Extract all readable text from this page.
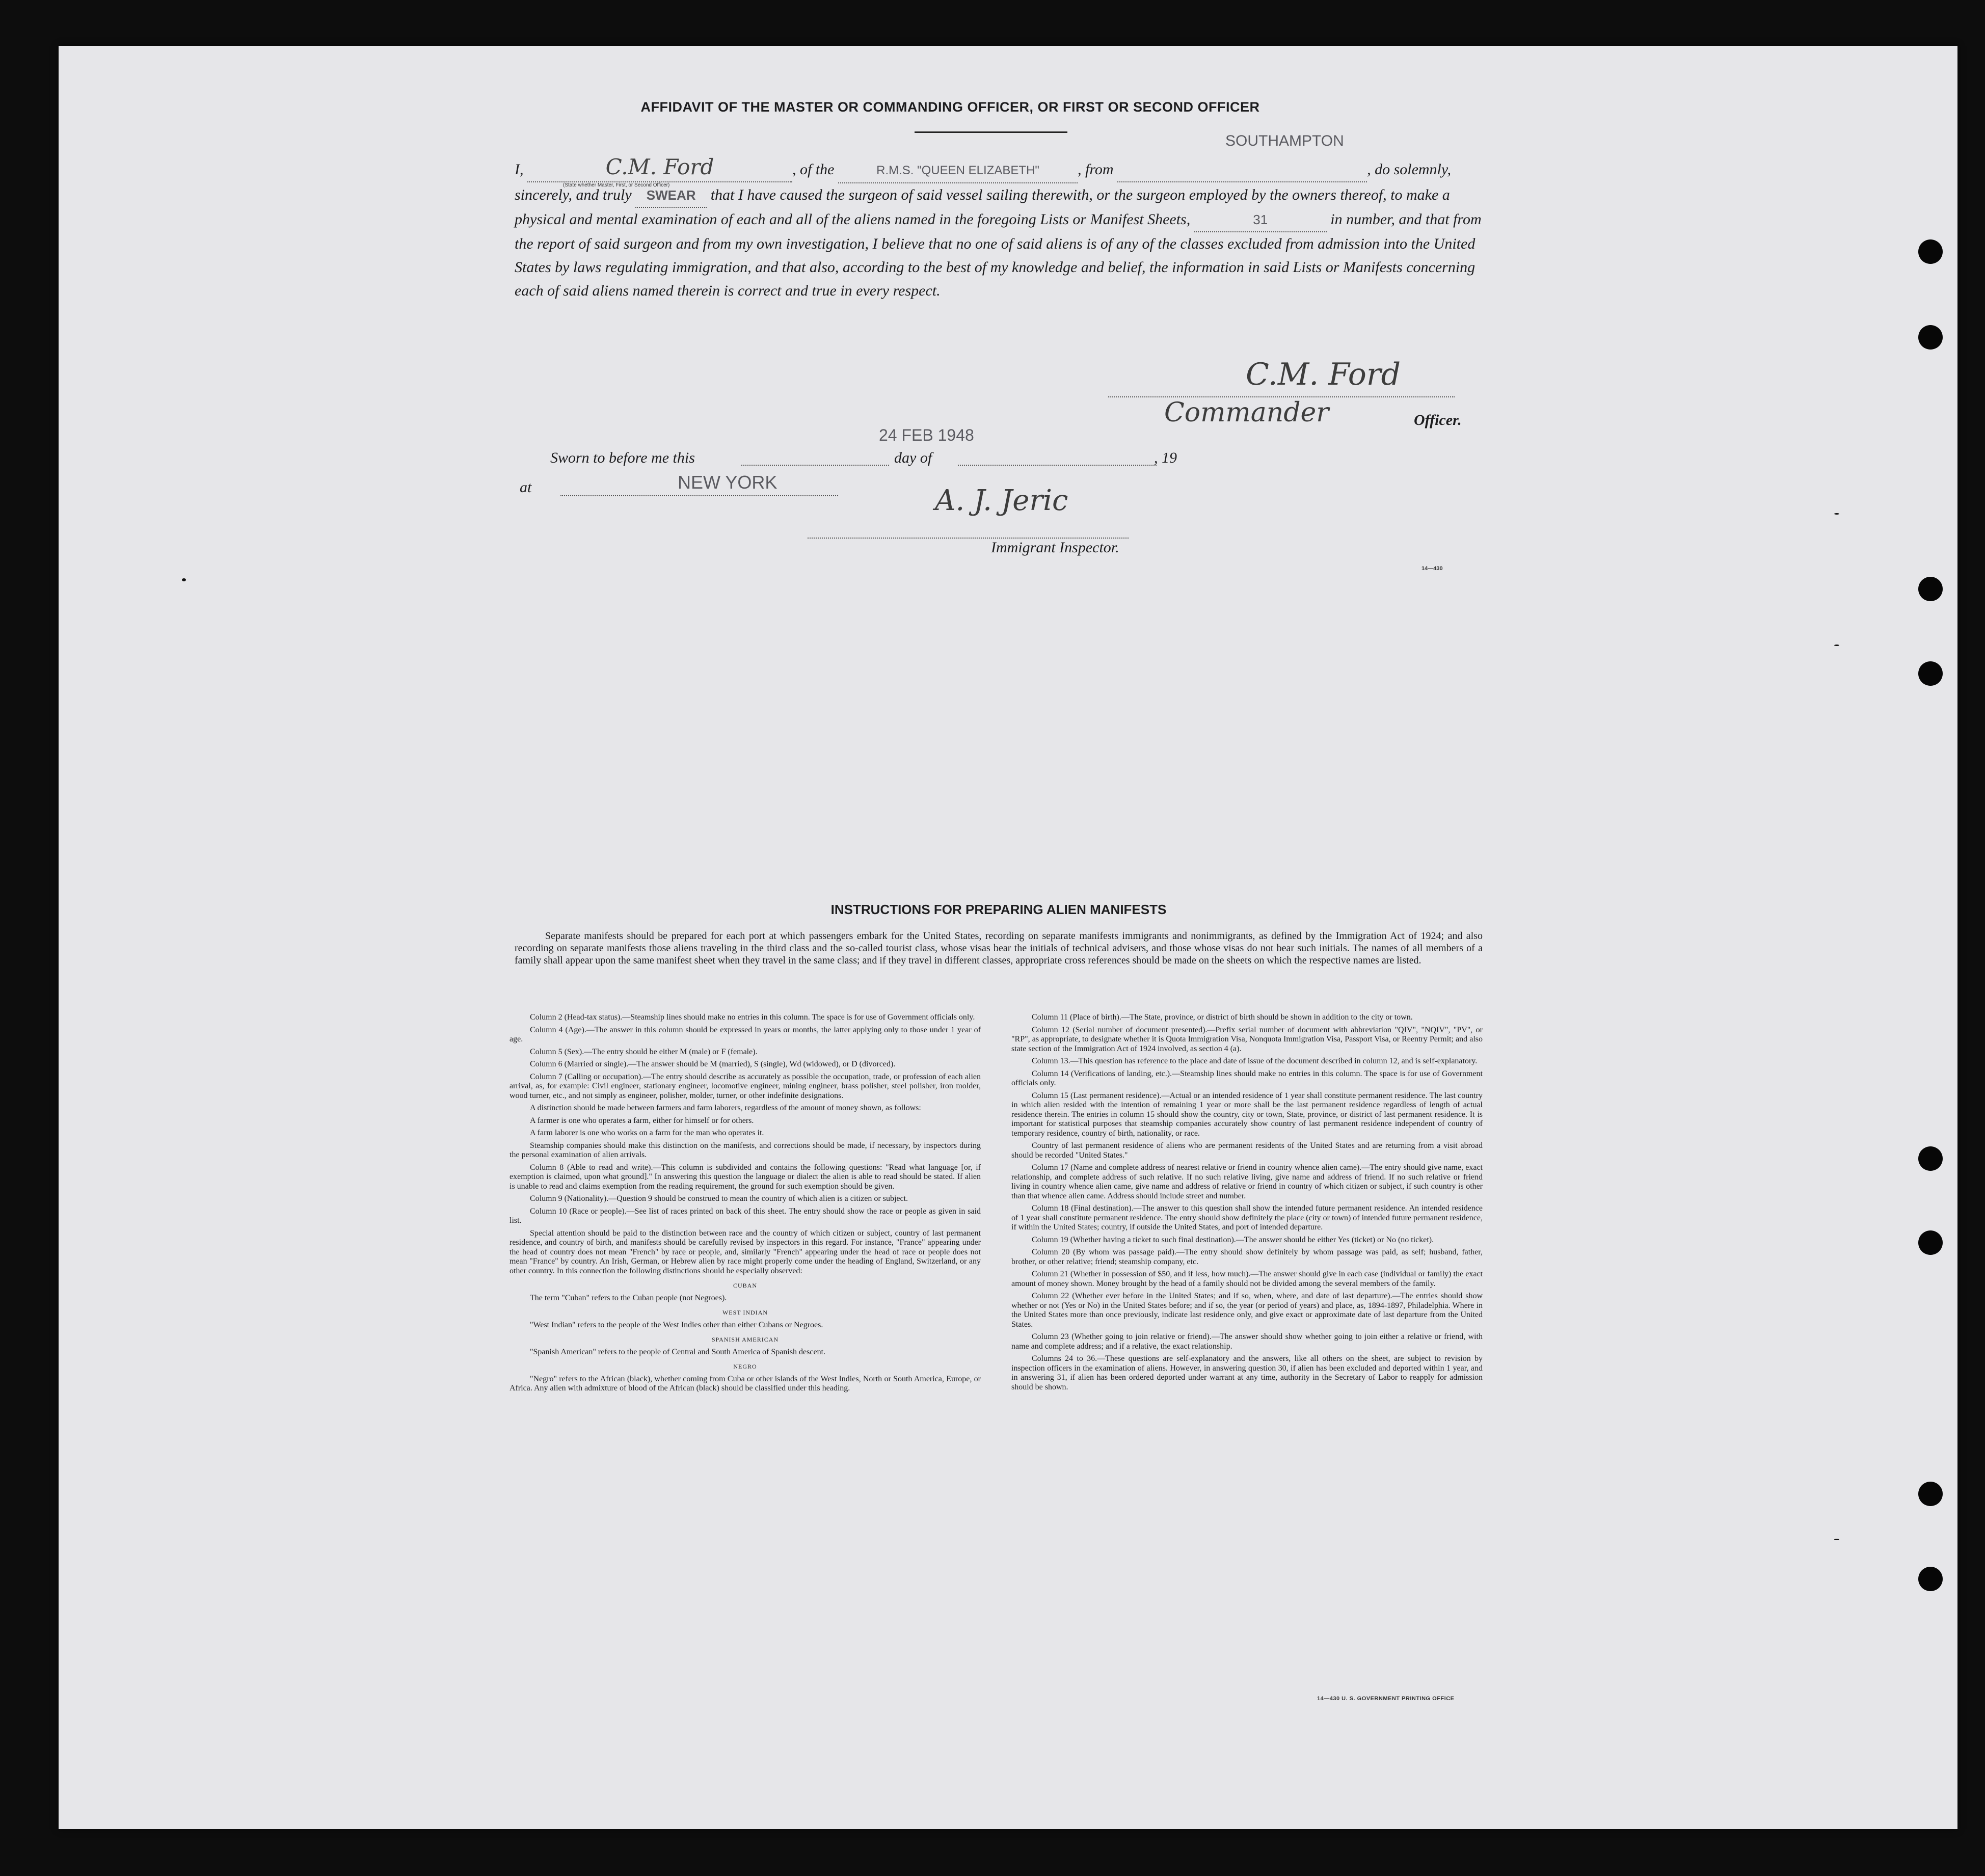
AFFIDAVIT OF THE MASTER OR COMMANDING OFFICER, OR FIRST OR SECOND OFFICER
SOUTHAMPTON

I,	C.M. Ford
(State whether Master, First, or Second Officer)
, of the	R.M.S. "QUEEN ELIZABETH"	, from	, do solemnly, sincerely, and truly SWEAR that I have caused the surgeon of said vessel sailing therewith, or the surgeon employed by the owners thereof, to make a physical and mental examination of each and all of the aliens named in the foregoing Lists or Manifest Sheets,	31	in number, and that from the report of said surgeon and from my own investigation, I believe that no one of said aliens is of any of the classes excluded from admission into the United States by laws regulating immigration, and that also, according to the best of my knowledge and belief, the information in said Lists or Manifests concerning each of said aliens named therein is correct and true in every respect.

C.M. Ford
Commander	Officer.
24 FEB 1948
Sworn to before me this	day of	, 19
at	NEW YORK
A. J. Jeric
Immigrant Inspector.
14—430
INSTRUCTIONS FOR PREPARING ALIEN MANIFESTS

Separate manifests should be prepared for each port at which passengers embark for the United States, recording on separate manifests immigrants and nonimmigrants, as defined by the Immigration Act of 1924; and also recording on separate manifests those aliens traveling in the third class and the so-called tourist class, whose visas bear the initials of technical advisers, and those whose visas do not bear such initials. The names of all members of a family shall appear upon the same manifest sheet when they travel in the same class; and if they travel in different classes, appropriate cross references should be made on the sheets on which the respective names are listed.

Column 2 (Head-tax status).—Steamship lines should make no entries in this column. The space is for use of Government officials only.

Column 4 (Age).—The answer in this column should be expressed in years or months, the latter applying only to those under 1 year of age.

Column 5 (Sex).—The entry should be either M (male) or F (female).

Column 6 (Married or single).—The answer should be M (married), S (single), Wd (widowed), or D (divorced).

Column 7 (Calling or occupation).—The entry should describe as accurately as possible the occupation, trade, or profession of each alien arrival, as, for example: Civil engineer, stationary engineer, locomotive engineer, mining engineer, brass polisher, steel polisher, iron molder, wood turner, etc., and not simply as engineer, polisher, molder, turner, or other indefinite designations.

A distinction should be made between farmers and farm laborers, regardless of the amount of money shown, as follows:

A farmer is one who operates a farm, either for himself or for others.

A farm laborer is one who works on a farm for the man who operates it.

Steamship companies should make this distinction on the manifests, and corrections should be made, if necessary, by inspectors during the personal examination of alien arrivals.

Column 8 (Able to read and write).—This column is subdivided and contains the following questions: "Read what language [or, if exemption is claimed, upon what ground]." In answering this question the language or dialect the alien is able to read should be stated. If alien is unable to read and claims exemption from the reading requirement, the ground for such exemption should be given.

Column 9 (Nationality).—Question 9 should be construed to mean the country of which alien is a citizen or subject.

Column 10 (Race or people).—See list of races printed on back of this sheet. The entry should show the race or people as given in said list.

Special attention should be paid to the distinction between race and the country of which citizen or subject, country of last permanent residence, and country of birth, and manifests should be carefully revised by inspectors in this regard. For instance, "France" appearing under the head of country does not mean "French" by race or people, and, similarly "French" appearing under the head of race or people does not mean "France" by country. An Irish, German, or Hebrew alien by race might properly come under the heading of England, Switzerland, or any other country. In this connection the following distinctions should be especially observed:

CUBAN

The term "Cuban" refers to the Cuban people (not Negroes).

WEST INDIAN

"West Indian" refers to the people of the West Indies other than either Cubans or Negroes.

SPANISH AMERICAN

"Spanish American" refers to the people of Central and South America of Spanish descent.

NEGRO

"Negro" refers to the African (black), whether coming from Cuba or other islands of the West Indies, North or South America, Europe, or Africa. Any alien with admixture of blood of the African (black) should be classified under this heading.

Column 11 (Place of birth).—The State, province, or district of birth should be shown in addition to the city or town.

Column 12 (Serial number of document presented).—Prefix serial number of document with abbreviation "QIV", "NQIV", "PV", or "RP", as appropriate, to designate whether it is Quota Immigration Visa, Nonquota Immigration Visa, Passport Visa, or Reentry Permit; and also state section of the Immigration Act of 1924 involved, as section 4 (a).

Column 13.—This question has reference to the place and date of issue of the document described in column 12, and is self-explanatory.

Column 14 (Verifications of landing, etc.).—Steamship lines should make no entries in this column. The space is for use of Government officials only.

Column 15 (Last permanent residence).—Actual or an intended residence of 1 year shall constitute permanent residence. The last country in which alien resided with the intention of remaining 1 year or more shall be the last permanent residence regardless of length of actual residence therein. The entries in column 15 should show the country, city or town, State, province, or district of last permanent residence. It is important for statistical purposes that steamship companies accurately show country of last permanent residence independent of country of temporary residence, country of birth, nationality, or race.

Country of last permanent residence of aliens who are permanent residents of the United States and are returning from a visit abroad should be recorded "United States."

Column 17 (Name and complete address of nearest relative or friend in country whence alien came).—The entry should give name, exact relationship, and complete address of such relative. If no such relative living, give name and address of friend. If no such relative or friend living in country whence alien came, give name and address of relative or friend in country of which citizen or subject, if such country is other than that whence alien came. Address should include street and number.

Column 18 (Final destination).—The answer to this question shall show the intended future permanent residence. An intended residence of 1 year shall constitute permanent residence. The entry should show definitely the place (city or town) of intended future permanent residence, if within the United States; country, if outside the United States, and port of intended departure.

Column 19 (Whether having a ticket to such final destination).—The answer should be either Yes (ticket) or No (no ticket).

Column 20 (By whom was passage paid).—The entry should show definitely by whom passage was paid, as self; husband, father, brother, or other relative; friend; steamship company, etc.

Column 21 (Whether in possession of $50, and if less, how much).—The answer should give in each case (individual or family) the exact amount of money shown. Money brought by the head of a family should not be divided among the several members of the family.

Column 22 (Whether ever before in the United States; and if so, when, where, and date of last departure).—The entries should show whether or not (Yes or No) in the United States before; and if so, the year (or period of years) and place, as, 1894-1897, Philadelphia. Where in the United States more than once previously, indicate last residence only, and give exact or approximate date of last departure from the United States.

Column 23 (Whether going to join relative or friend).—The answer should show whether going to join either a relative or friend, with name and complete address; and if a relative, the exact relationship.

Columns 24 to 36.—These questions are self-explanatory and the answers, like all others on the sheet, are subject to revision by inspection officers in the examination of aliens. However, in answering question 30, if alien has been excluded and deported within 1 year, and in answering 31, if alien has been ordered deported under warrant at any time, authority in the Secretary of Labor to reapply for admission should be shown.

14—430 U. S. GOVERNMENT PRINTING OFFICE
